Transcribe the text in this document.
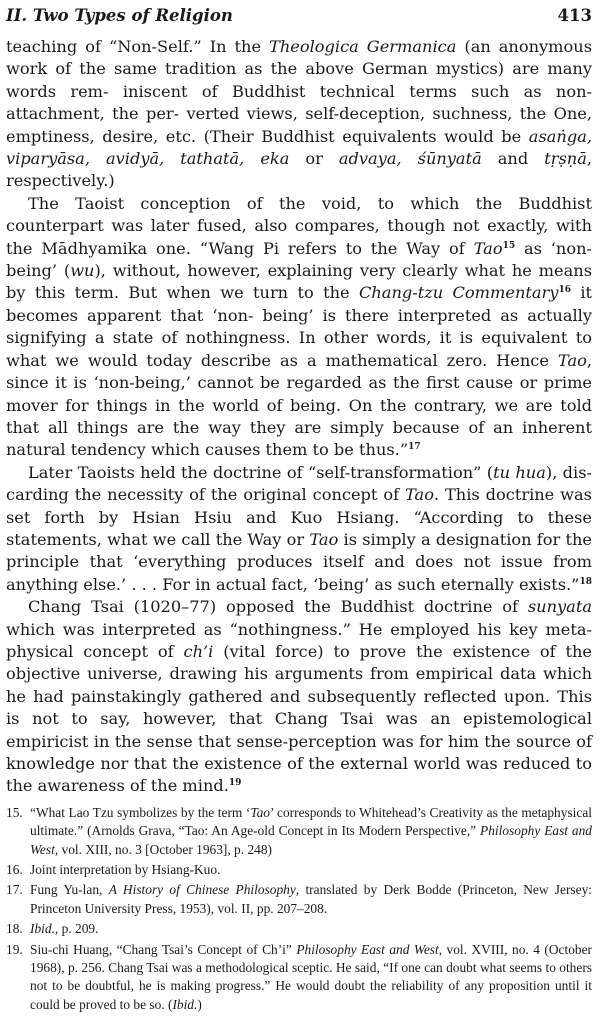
II. Two Types of Religion	413

teaching of “Non-Self.” In the Theologica Germanica (an anonymous work of the same tradition as the above German mystics) are many words rem- iniscent of Buddhist technical terms such as non-attachment, the per- verted views, self-deception, suchness, the One, emptiness, desire, etc. (Their Buddhist equivalents would be asaṅga, viparyāsa, avidyā, tathatā, eka or advaya, śūnyatā and tṛṣṇā, respectively.)

The Taoist conception of the void, to which the Buddhist counterpart was later fused, also compares, though not exactly, with the Mādhyamika one. “Wang Pi refers to the Way of Tao$^{15}$ as ‘non-being’ (wu), without, however, explaining very clearly what he means by this term. But when we turn to the Chang-tzu Commentary$^{16}$ it becomes apparent that ‘non- being’ is there interpreted as actually signifying a state of nothingness. In other words, it is equivalent to what we would today describe as a mathematical zero. Hence Tao, since it is ‘non-being,’ cannot be regarded as the first cause or prime mover for things in the world of being. On the contrary, we are told that all things are the way they are simply because of an inherent natural tendency which causes them to be thus.”$^{17}$

Later Taoists held the doctrine of “self-transformation” (tu hua), dis- carding the necessity of the original concept of Tao. This doctrine was set forth by Hsian Hsiu and Kuo Hsiang. “According to these statements, what we call the Way or Tao is simply a designation for the principle that ‘everything produces itself and does not issue from anything else.’ . . . For in actual fact, ‘being’ as such eternally exists.”$^{18}$

Chang Tsai (1020–77) opposed the Buddhist doctrine of sunyata which was interpreted as “nothingness.” He employed his key meta- physical concept of ch’i (vital force) to prove the existence of the objective universe, drawing his arguments from empirical data which he had painstakingly gathered and subsequently reflected upon. This is not to say, however, that Chang Tsai was an epistemological empiricist in the sense that sense-perception was for him the source of knowledge nor that the existence of the external world was reduced to the awareness of the mind.$^{19}$

15. “What Lao Tzu symbolizes by the term ‘Tao’ corresponds to Whitehead’s Creativity as the metaphysical ultimate.” (Arnolds Grava, “Tao: An Age-old Concept in Its Modern Perspective,” Philosophy East and West, vol. XIII, no. 3 [October 1963], p. 248)
16. Joint interpretation by Hsiang-Kuo.
17. Fung Yu-lan, A History of Chinese Philosophy, translated by Derk Bodde (Princeton, New Jersey: Princeton University Press, 1953), vol. II, pp. 207–208.
18. Ibid., p. 209.
19. Siu-chi Huang, “Chang Tsai’s Concept of Ch’i” Philosophy East and West, vol. XVIII, no. 4 (October 1968), p. 256. Chang Tsai was a methodological sceptic. He said, “If one can doubt what seems to others not to be doubtful, he is making progress.” He would doubt the reliability of any proposition until it could be proved to be so. (Ibid.)
